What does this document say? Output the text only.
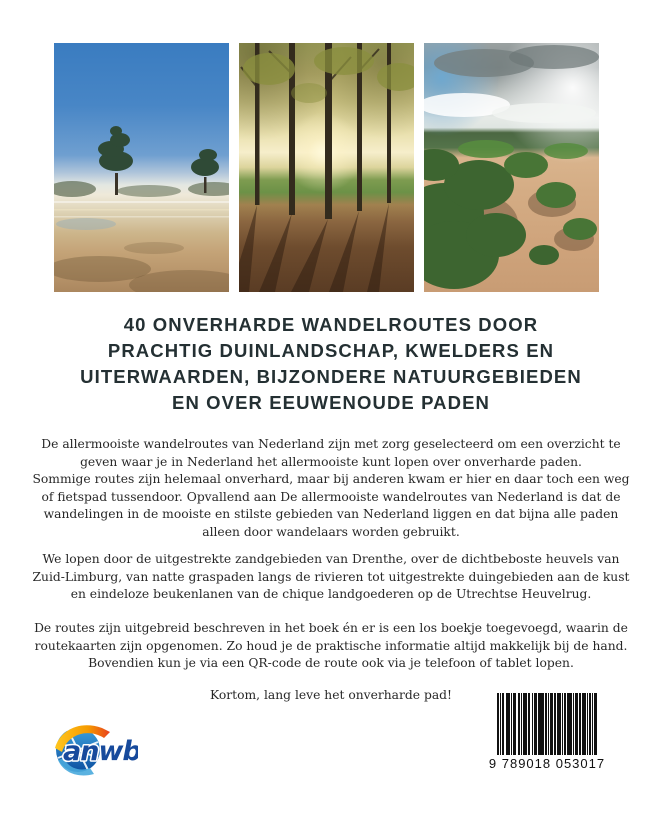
40 ONVERHARDE WANDELROUTES DOOR
PRACHTIG DUINLANDSCHAP, KWELDERS EN
UITERWAARDEN, BIJZONDERE NATUURGEBIEDEN
EN OVER EEUWENOUDE PADEN
De allermooiste wandelroutes van Nederland zijn met zorg geselecteerd om een overzicht te
geven waar je in Nederland het allermooiste kunt lopen over onverharde paden.
Sommige routes zijn helemaal onverhard, maar bij anderen kwam er hier en daar toch een weg
of fietspad tussendoor. Opvallend aan De allermooiste wandelroutes van Nederland is dat de
wandelingen in de mooiste en stilste gebieden van Nederland liggen en dat bijna alle paden
alleen door wandelaars worden gebruikt.
We lopen door de uitgestrekte zandgebieden van Drenthe, over de dichtbeboste heuvels van
Zuid-Limburg, van natte graspaden langs de rivieren tot uitgestrekte duingebieden aan de kust
en eindeloze beukenlanen van de chique landgoederen op de Utrechtse Heuvelrug.
De routes zijn uitgebreid beschreven in het boek én er is een los boekje toegevoegd, waarin de
routekaarten zijn opgenomen. Zo houd je de praktische informatie altijd makkelijk bij de hand.
Bovendien kun je via een QR-code de route ook via je telefoon of tablet lopen.
Kortom, lang leve het onverharde pad!
anwb	9 789018 053017
